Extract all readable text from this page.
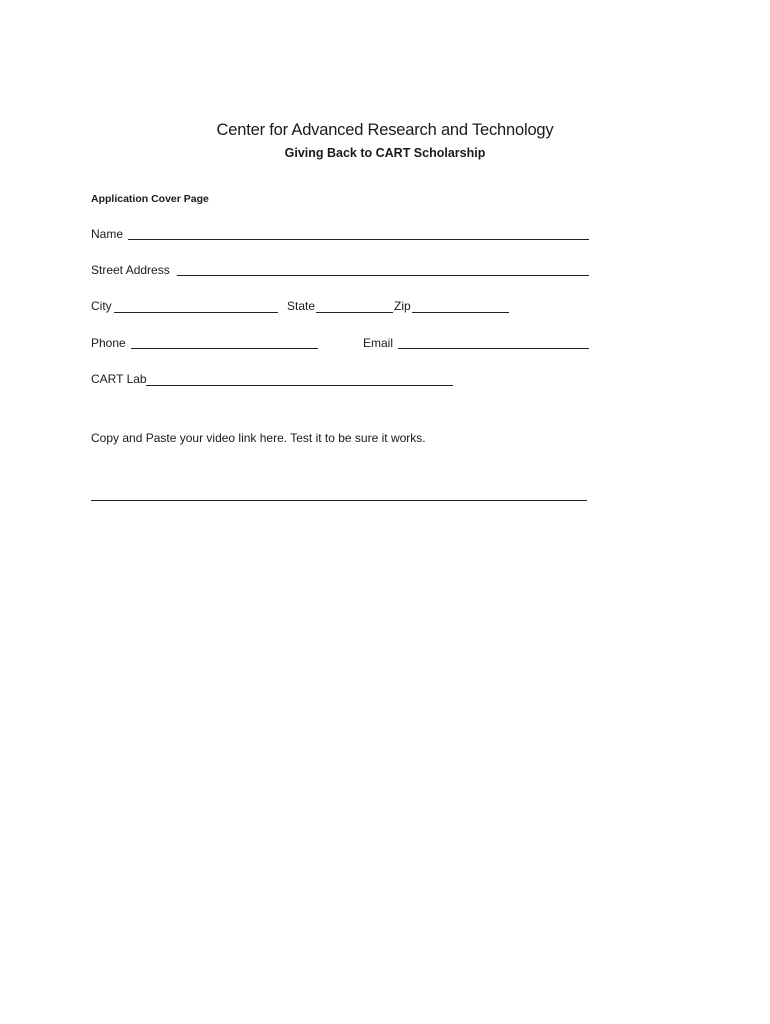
Center for Advanced Research and Technology
Giving Back to CART Scholarship
Application Cover Page
Name
Street Address
City	State	Zip
Phone	Email
CART Lab
Copy and Paste your video link here. Test it to be sure it works.
